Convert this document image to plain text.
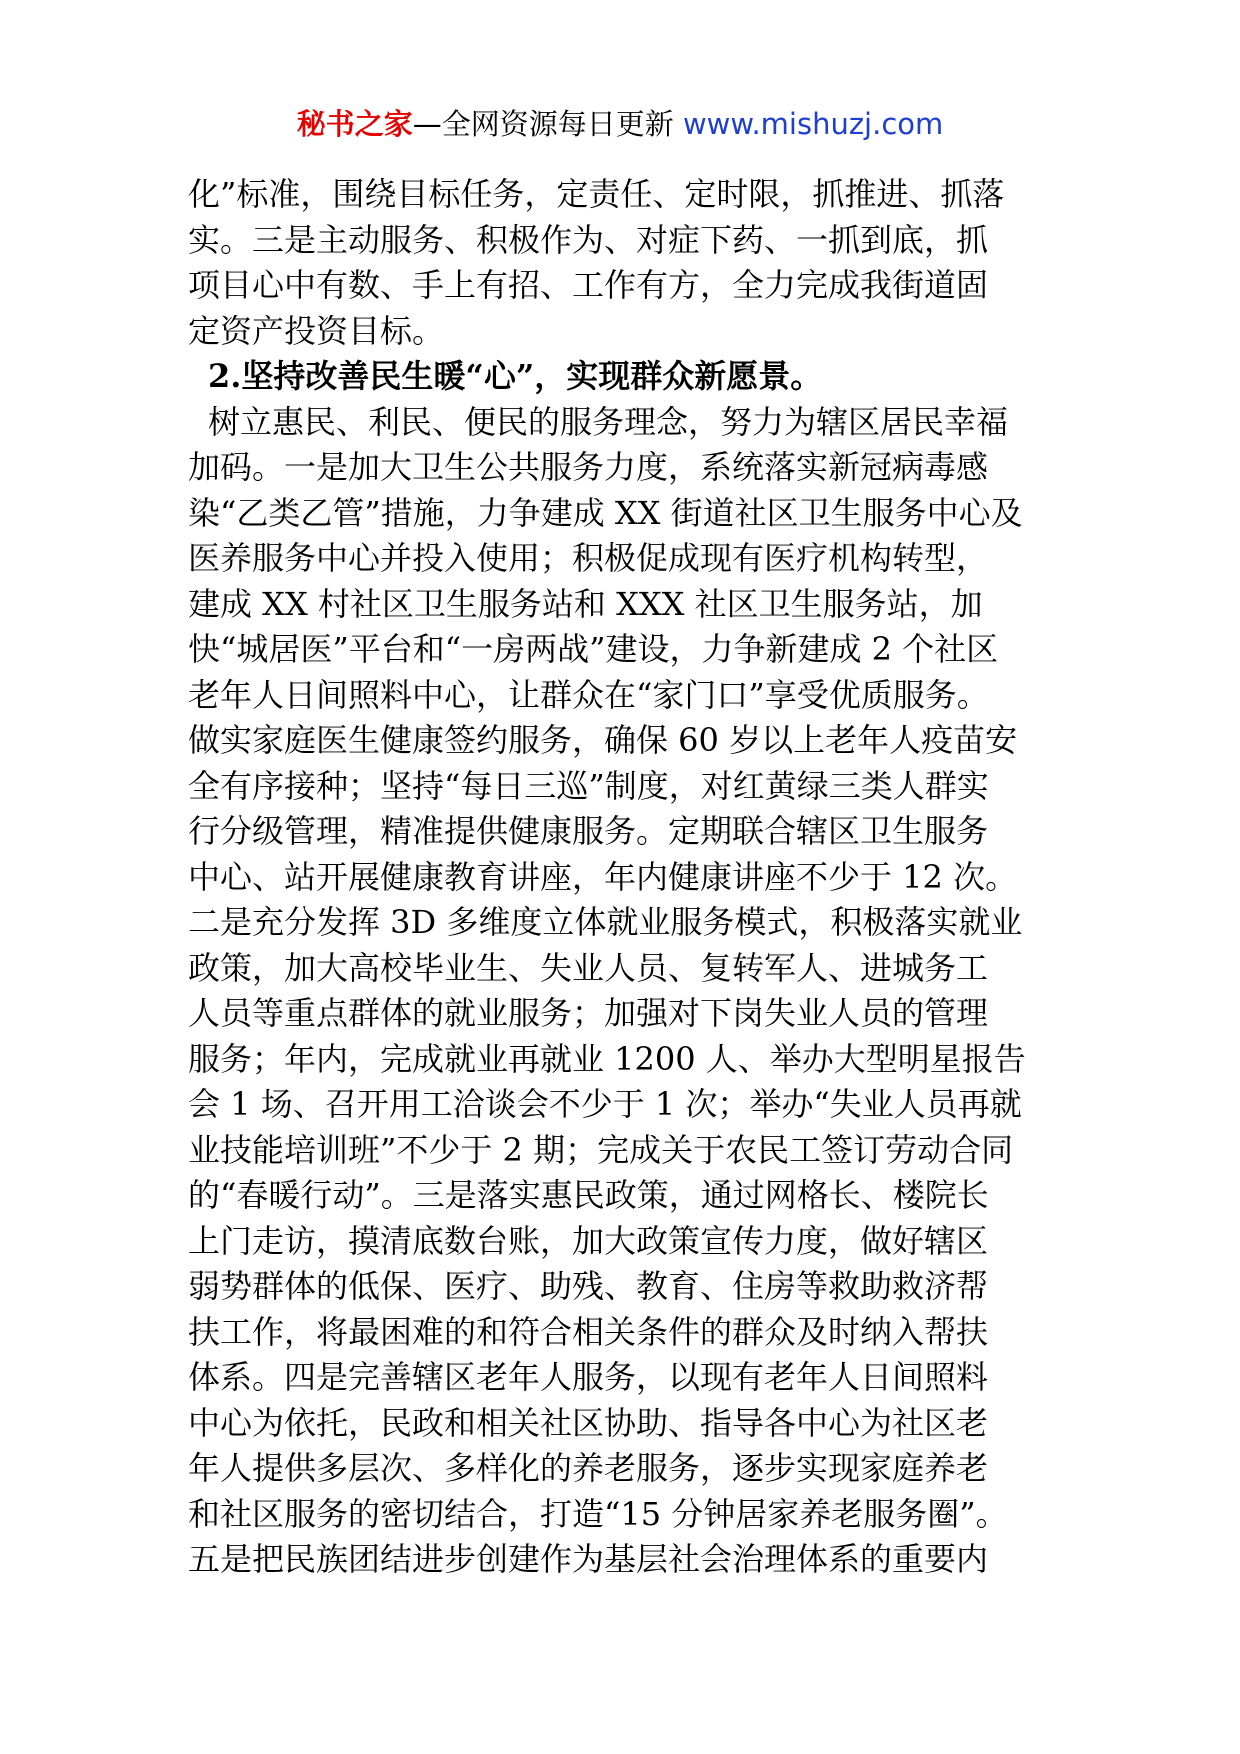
秘书之家—全网资源每日更新 www.mishuzj.com
化”标准，围绕目标任务，定责任、定时限，抓推进、抓落
实。三是主动服务、积极作为、对症下药、一抓到底，抓
项目心中有数、手上有招、工作有方，全力完成我街道固
定资产投资目标。
2.坚持改善民生暖“心”，实现群众新愿景。
树立惠民、利民、便民的服务理念，努力为辖区居民幸福
加码。一是加大卫生公共服务力度，系统落实新冠病毒感
染“乙类乙管”措施，力争建成 XX 街道社区卫生服务中心及
医养服务中心并投入使用；积极促成现有医疗机构转型，
建成 XX 村社区卫生服务站和 XXX 社区卫生服务站，加
快“城居医”平台和“一房两战”建设，力争新建成 2 个社区
老年人日间照料中心，让群众在“家门口”享受优质服务。
做实家庭医生健康签约服务，确保 60 岁以上老年人疫苗安
全有序接种；坚持“每日三巡”制度，对红黄绿三类人群实
行分级管理，精准提供健康服务。定期联合辖区卫生服务
中心、站开展健康教育讲座，年内健康讲座不少于 12 次。
二是充分发挥 3D 多维度立体就业服务模式，积极落实就业
政策，加大高校毕业生、失业人员、复转军人、进城务工
人员等重点群体的就业服务；加强对下岗失业人员的管理
服务；年内，完成就业再就业 1200 人、举办大型明星报告
会 1 场、召开用工洽谈会不少于 1 次；举办“失业人员再就
业技能培训班”不少于 2 期；完成关于农民工签订劳动合同
的“春暖行动”。三是落实惠民政策，通过网格长、楼院长
上门走访，摸清底数台账，加大政策宣传力度，做好辖区
弱势群体的低保、医疗、助残、教育、住房等救助救济帮
扶工作，将最困难的和符合相关条件的群众及时纳入帮扶
体系。四是完善辖区老年人服务，以现有老年人日间照料
中心为依托，民政和相关社区协助、指导各中心为社区老
年人提供多层次、多样化的养老服务，逐步实现家庭养老
和社区服务的密切结合，打造“15 分钟居家养老服务圈”。
五是把民族团结进步创建作为基层社会治理体系的重要内
